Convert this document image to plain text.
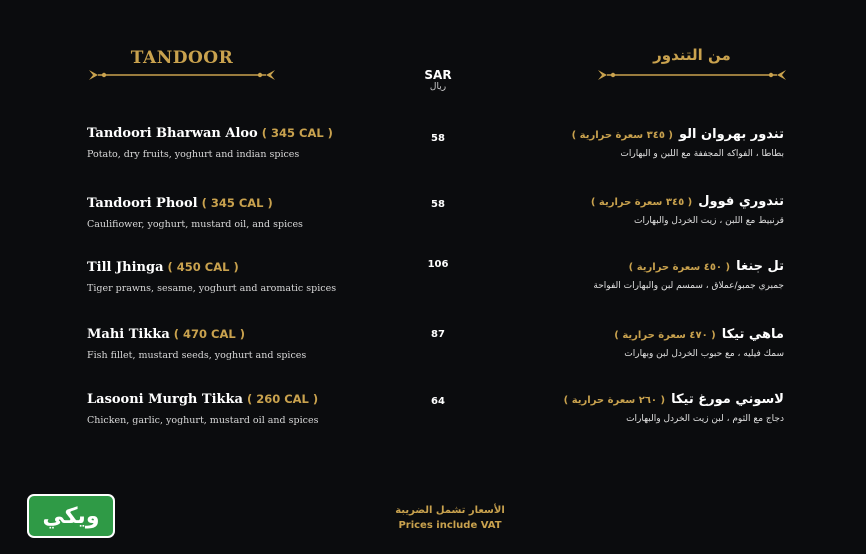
TANDOOR	من التندور
SAR
ريال
Tandoori Bharwan Aloo ( 345 CAL )
Potato, dry fruits, yoghurt and indian spices
58	تندور بهروان الو( ٣٤٥ سعرة حرارية )
بطاطا ، الفواكه المجففة مع اللبن و البهارات
Tandoori Phool ( 345 CAL )
Caulifiower, yoghurt, mustard oil, and spices
58	تندوري فوول( ٣٤٥ سعرة حرارية )
قرنبيط مع اللبن ، زيت الخردل والبهارات
Till Jhinga ( 450 CAL )
Tiger prawns, sesame, yoghurt and aromatic spices
106	تل جنغا( ٤٥٠ سعرة حرارية )
جمبري جمبو/عملاق ، سمسم لبن والبهارات الفواحة
Mahi Tikka ( 470 CAL )
Fish fillet, mustard seeds, yoghurt and spices
87	ماهي تيكا( ٤٧٠ سعرة حرارية )
سمك فيليه ، مع حبوب الخردل لبن وبهارات
Lasooni Murgh Tikka ( 260 CAL )
Chicken, garlic, yoghurt, mustard oil and spices
64	لاسوني مورغ تيكا( ٢٦٠ سعرة حرارية )
دجاج مع الثوم ، لبن زيت الخردل والبهارات
الأسعار تشمل الضريبة
Prices include VAT
ويكي
